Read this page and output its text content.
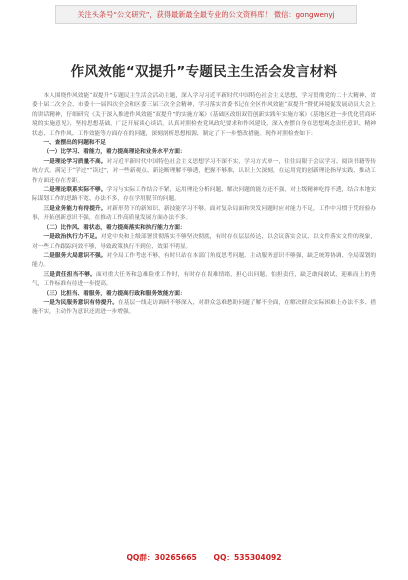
关注头条号“公文研究”，获得最新最全最专业的公文资料库！ 微信：gongwenyj
作风效能“双提升”专题民主生活会发言材料

本人围绕作风效能“双提升”专题民主生活会活动主题，深入学习习近平新时代中国特色社会主义思想，学习贯彻党的二十大精神，省委十届二次全会、市委十一届四次全会和区委三届三次全会精神，学习落实省委书记在全区作风效能“双提升”暨优环境促发展动员大会上的讲话精神，仔细研究《关于深入推进作风效能“双提升”的实施方案》《基础区改组双管创新实践年实施方案》《基地区进一步优化营商环境的实施意见》，坚持思想基础，广泛开展谈心谈话，认真对照检查党风政纪要求和作风建设，深入查摆自身在思想观念责任意识、精神状态、工作作风、工作效能等方面存在的问题，深刻剖析思想根源，制定了下一步整改措施。现作对照检查如下：

一、查摆出的问题和不足

（一）比学习、看能力，着力提高理论和业务水平方面：

一是理论学习质量不高。对习近平新时代中国特色社会主义思想学习不深不实，学习方式单一，往往局限于会议学习、阅读书籍等传统方式，满足于“学过”“读过”，对一些新观点、新论断理解不够透，把握不够准，认识上欠深刻，在运用党的创新理论指导实践、推动工作方面还存在差距。

二是理论联系实际不够。学习与实际工作结合不紧，运用理论分析问题、解决问题的能力还不强，对上级精神吃得不透，结合本地实际谋划工作的思路不宽、办法不多，存在学用脱节的问题。

三是业务能力有待提升。对新形势下的新知识、新技能学习不够，面对复杂局面和突发问题时应对能力不足，工作中习惯于凭经验办事，开拓创新意识不强，在推动工作高质量发展方面办法不多。

（二）比作风、看状态，着力提高落实和执行能力方面：

一是政治执行力不足。对党中央和上级部署贯彻落实不够坚决彻底，有时存在层层传达、以会议落实会议、以文件落实文件的现象，对一些工作跟踪问效不够，导致政策执行不到位、效果不明显。

二是服务大局意识不强。对全局工作考虑不够，有时只站在本部门角度思考问题，主动服务意识不够强，缺乏统筹协调、全局谋划的能力。

三是责任担当不够。面对重大任务和急难险重工作时，有时存在畏难情绪，担心出问题、怕担责任，缺乏敢闯敢试、迎难而上的勇气，工作标准有待进一步提高。

（三）比担当、看服务，着力提高行政和服务效能方面：

一是为民服务意识有待提升。在基层一线走访调研不够深入，对群众急难愁盼问题了解不全面，在解决群众实际困难上办法不多、措施不实，主动作为意识还需进一步增强。

QQ群：30265665 QQ：535304092
